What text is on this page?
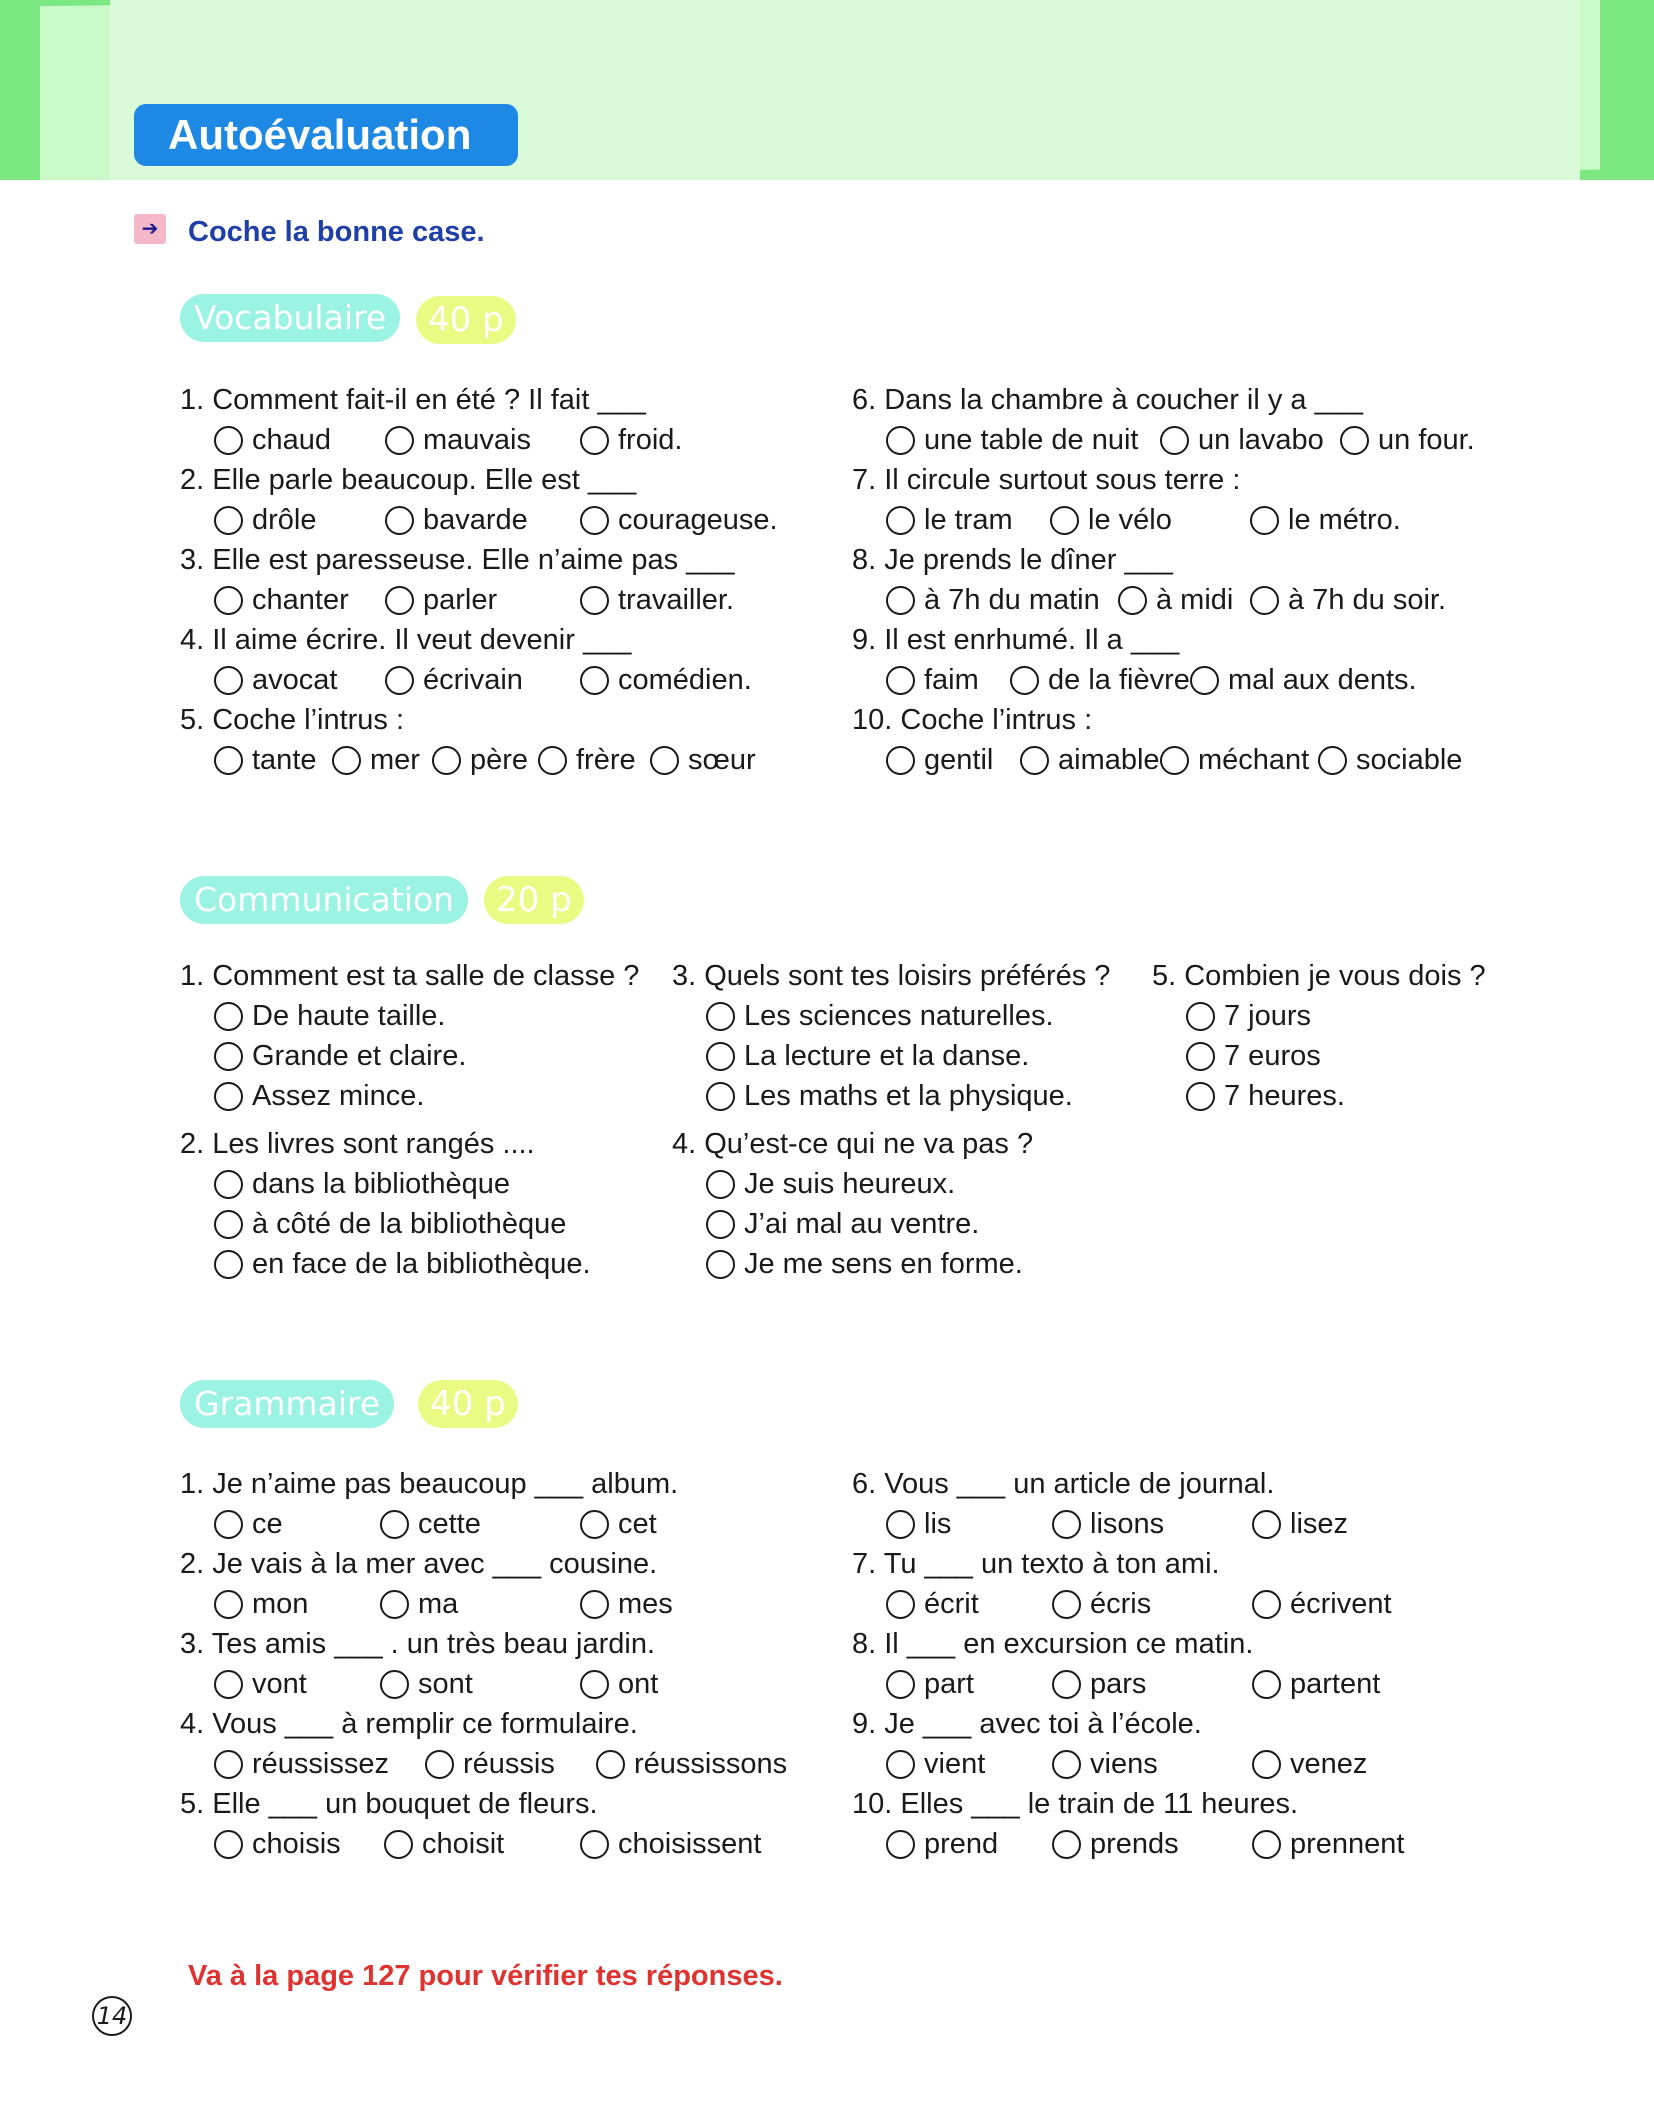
Autoévaluation
➔ Coche la bonne case.
Vocabulaire	40 p
Communication	20 p
Grammaire	40 p
1. Comment fait-il en été ? Il fait ___
chaud	mauvais	froid.
2. Elle parle beaucoup. Elle est ___
drôle	bavarde	courageuse.
3. Elle est paresseuse. Elle n’aime pas ___
chanter	parler	travailler.
4. Il aime écrire. Il veut devenir ___
avocat	écrivain	comédien.
5. Coche l’intrus :
tante mer père frère sœur
6. Dans la chambre à coucher il y a ___
une table de nuit un lavabo un four.
7. Il circule surtout sous terre :
le tram	le vélo	le métro.
8. Je prends le dîner ___
à 7h du matin à midi à 7h du soir.
9. Il est enrhumé. Il a ___
faim de la fièvre mal aux dents.
10. Coche l’intrus :
gentil aimable méchant sociable
1. Comment est ta salle de classe ?
De haute taille.
Grande et claire.
Assez mince.
2. Les livres sont rangés ....
dans la bibliothèque
à côté de la bibliothèque
en face de la bibliothèque.
3. Quels sont tes loisirs préférés ?
Les sciences naturelles.
La lecture et la danse.
Les maths et la physique.
4. Qu’est-ce qui ne va pas ?
Je suis heureux.
J’ai mal au ventre.
Je me sens en forme.
5. Combien je vous dois ?
7 jours
7 euros
7 heures.
1. Je n’aime pas beaucoup ___ album.
ce	cette	cet
2. Je vais à la mer avec ___ cousine.
mon	ma	mes
3. Tes amis ___ . un très beau jardin.
vont	sont	ont
4. Vous ___ à remplir ce formulaire.
réussissez	réussis	réussissons
5. Elle ___ un bouquet de fleurs.
choisis	choisit	choisissent
6. Vous ___ un article de journal.
lis	lisons	lisez
7. Tu ___ un texto à ton ami.
écrit	écris	écrivent
8. Il ___ en excursion ce matin.
part	pars	partent
9. Je ___ avec toi à l’école.
vient	viens	venez
10. Elles ___ le train de 11 heures.
prend	prends	prennent
Va à la page 127 pour vérifier tes réponses.
14
